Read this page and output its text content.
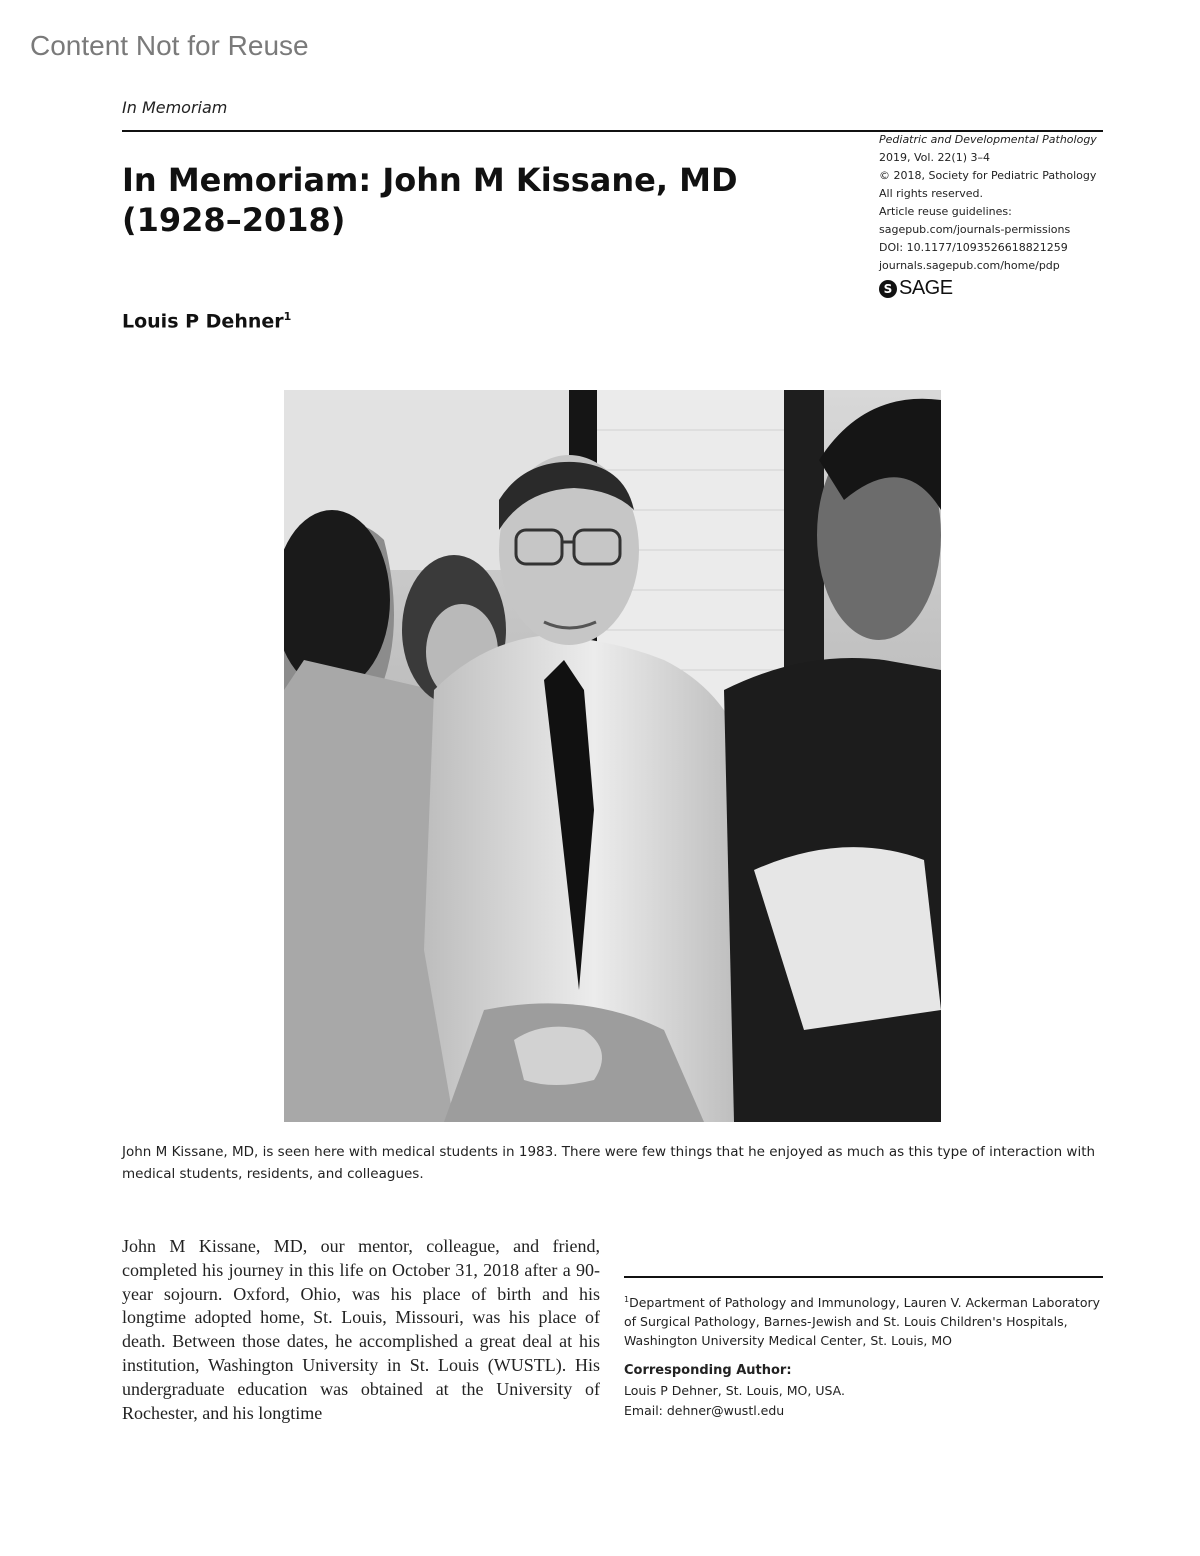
Content Not for Reuse
In Memoriam
In Memoriam: John M Kissane, MD
(1928–2018)
Pediatric and Developmental Pathology
2019, Vol. 22(1) 3–4
© 2018, Society for Pediatric Pathology
All rights reserved.
Article reuse guidelines:
sagepub.com/journals-permissions
DOI: 10.1177/1093526618821259
journals.sagepub.com/home/pdp
S SAGE
Louis P Dehner$^1$
John M Kissane, MD, is seen here with medical students in 1983. There were few things that he enjoyed as much as this type of interaction with medical students, residents, and colleagues.

John M Kissane, MD, our mentor, colleague, and friend, completed his journey in this life on October 31, 2018 after a 90-year sojourn. Oxford, Ohio, was his place of birth and his longtime adopted home, St. Louis, Missouri, was his place of death. Between those dates, he accomplished a great deal at his institution, Washington University in St. Louis (WUSTL). His undergraduate education was obtained at the University of Rochester, and his longtime

$^1$Department of Pathology and Immunology, Lauren V. Ackerman Laboratory of Surgical Pathology, Barnes-Jewish and St. Louis Children's Hospitals, Washington University Medical Center, St. Louis, MO
Corresponding Author:
Louis P Dehner, St. Louis, MO, USA.
Email: dehner@wustl.edu
